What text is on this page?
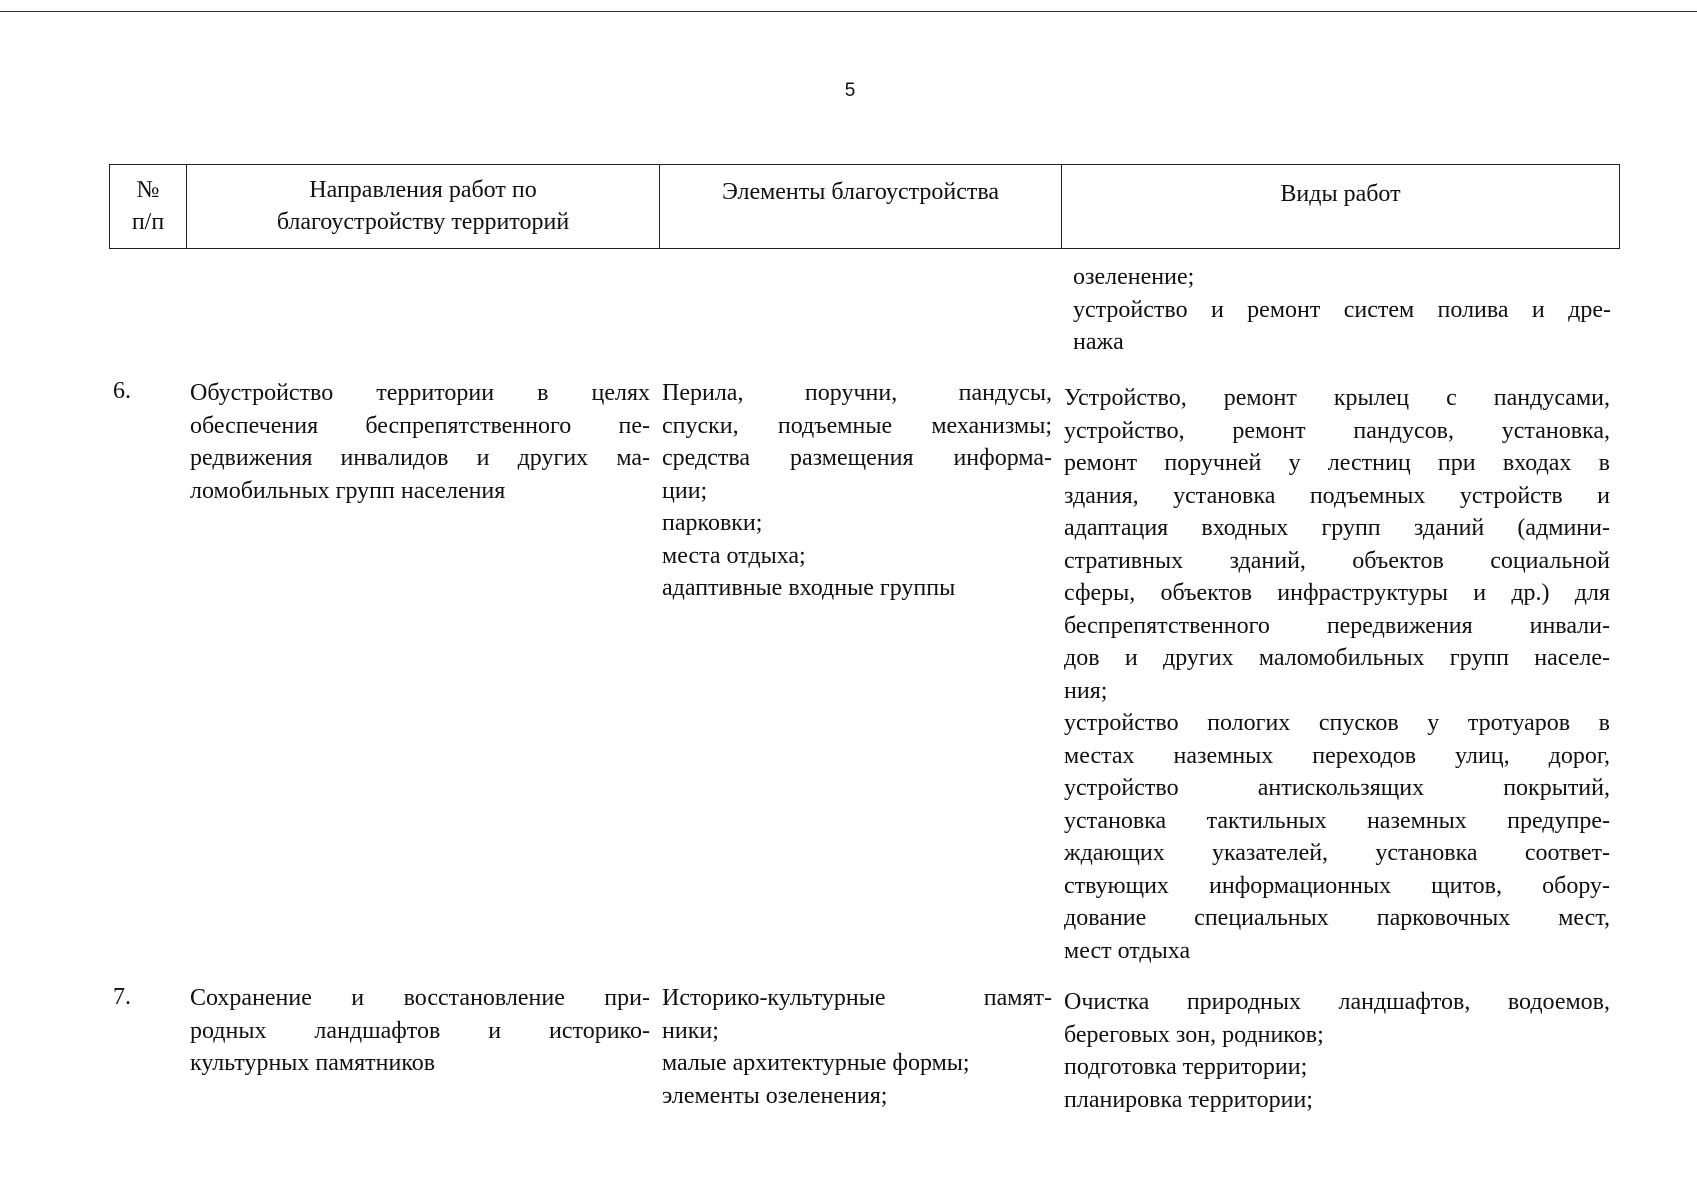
5
№
п/п
Направления работ по
благоустройству территорий
Элементы благоустройства	Виды работ
озеленение;
устройство и ремонт систем полива и дре-
нажа
6. Обустройство территории в целях
обеспечения беспрепятственного пе-
редвижения инвалидов и других ма-
ломобильных групп населения
Перила, поручни, пандусы,
спуски, подъемные механизмы;
средства размещения информа-
ции;
парковки;
места отдыха;
адаптивные входные группы
Устройство, ремонт крылец с пандусами,
устройство, ремонт пандусов, установка,
ремонт поручней у лестниц при входах в
здания, установка подъемных устройств и
адаптация входных групп зданий (админи-
стративных зданий, объектов социальной
сферы, объектов инфраструктуры и др.) для
беспрепятственного передвижения инвали-
дов и других маломобильных групп населе-
ния;
устройство пологих спусков у тротуаров в
местах наземных переходов улиц, дорог,
устройство антискользящих покрытий,
установка тактильных наземных предупре-
ждающих указателей, установка соответ-
ствующих информационных щитов, обору-
дование специальных парковочных мест,
мест отдыха
7. Сохранение и восстановление при-
родных ландшафтов и историко-
культурных памятников
Историко-культурные памят-
ники;
малые архитектурные формы;
элементы озеленения;
Очистка природных ландшафтов, водоемов,
береговых зон, родников;
подготовка территории;
планировка территории;
